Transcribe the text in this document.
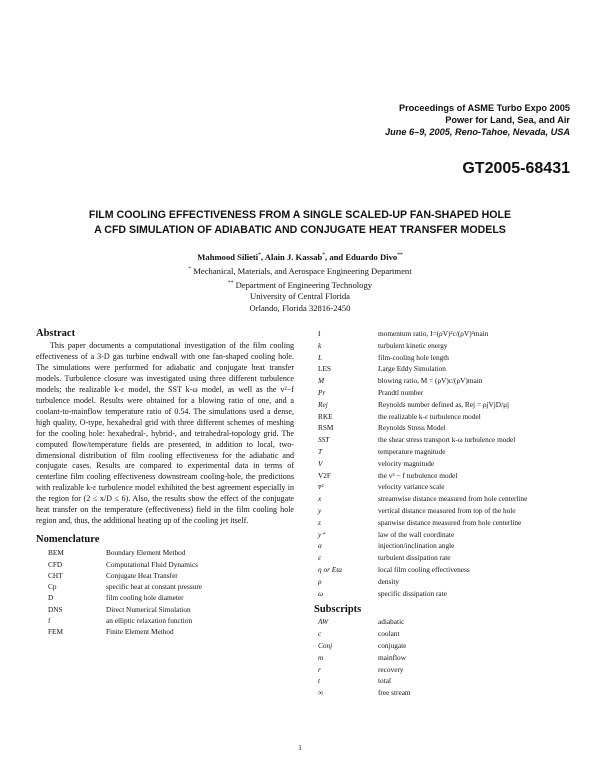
Proceedings of ASME Turbo Expo 2005
Power for Land, Sea, and Air
June 6–9, 2005, Reno-Tahoe, Nevada, USA
GT2005-68431
FILM COOLING EFFECTIVENESS FROM A SINGLE SCALED-UP FAN-SHAPED HOLE
A CFD SIMULATION OF ADIABATIC AND CONJUGATE HEAT TRANSFER MODELS
Mahmood Silieti*, Alain J. Kassab*, and Eduardo Divo**
* Mechanical, Materials, and Aerospace Engineering Department
** Department of Engineering Technology
University of Central Florida
Orlando, Florida 32816-2450
Abstract

This paper documents a computational investigation of the film cooling effectiveness of a 3-D gas turbine endwall with one fan-shaped cooling hole. The simulations were performed for adiabatic and conjugate heat transfer models. Turbulence closure was investigated using three different turbulence models; the realizable k-ε model, the SST k-ω model, as well as the v²−f turbulence model. Results were obtained for a blowing ratio of one, and a coolant-to-mainflow temperature ratio of 0.54. The simulations used a dense, high quality, O-type, hexahedral grid with three different schemes of meshing for the cooling hole: hexahedral-, hybrid-, and tetrahedral-topology grid. The computed flow/temperature fields are presented, in addition to local, two-dimensional distribution of film cooling effectiveness for the adiabatic and conjugate cases. Results are compared to experimental data in terms of centerline film cooling effectiveness downstream cooling-hole, the predictions with realizable k-ε turbulence model exhibited the best agreement especially in the region for (2 ≤ x/D ≤ 6). Also, the results show the effect of the conjugate heat transfer on the temperature (effectiveness) field in the film cooling hole region and, thus, the additional heating up of the cooling jet itself.

Nomenclature
BEM	Boundary Element Method
CFD	Computational Fluid Dynamics
CHT	Conjugate Heat Transfer
Cp	specific heat at constant pressure
D	film cooling hole diameter
DNS	Direct Numerical Simulation
f	an elliptic relaxation function
FEM	Finite Element Method
I	momentum ratio, I=(ρV)²c/(ρV)²main
k	turbulent kinetic energy
L	film-cooling hole length
LES	Large Eddy Simulation
M	blowing ratio, M = (ρV)c/(ρV)main
Pr	Prandtl number
Rej	Reynolds number defined as, Rej = ρjVjD/μj
RKE	the realizable k-ε turbulence model
RSM	Reynolds Stress Model
SST	the shear stress transport k-ω turbulence model
T	temperature magnitude
V	velocity magnitude
V2F	the v² − f turbulence model
v̄²	velocity variance scale
x	streamwise distance measured from hole centerline
y	vertical distance measured from top of the hole
z	spanwise distance measured from hole centerline
y⁺	law of the wall coordinate
α	injection/inclination angle
ε	turbulent dissipation rate
η or Eta	local film cooling effectiveness
ρ	density
ω	specific dissipation rate
Subscripts
AW	adiabatic
c	coolant
Conj	conjugate
m	mainflow
r	recovery
t	total
∞	free stream
1
